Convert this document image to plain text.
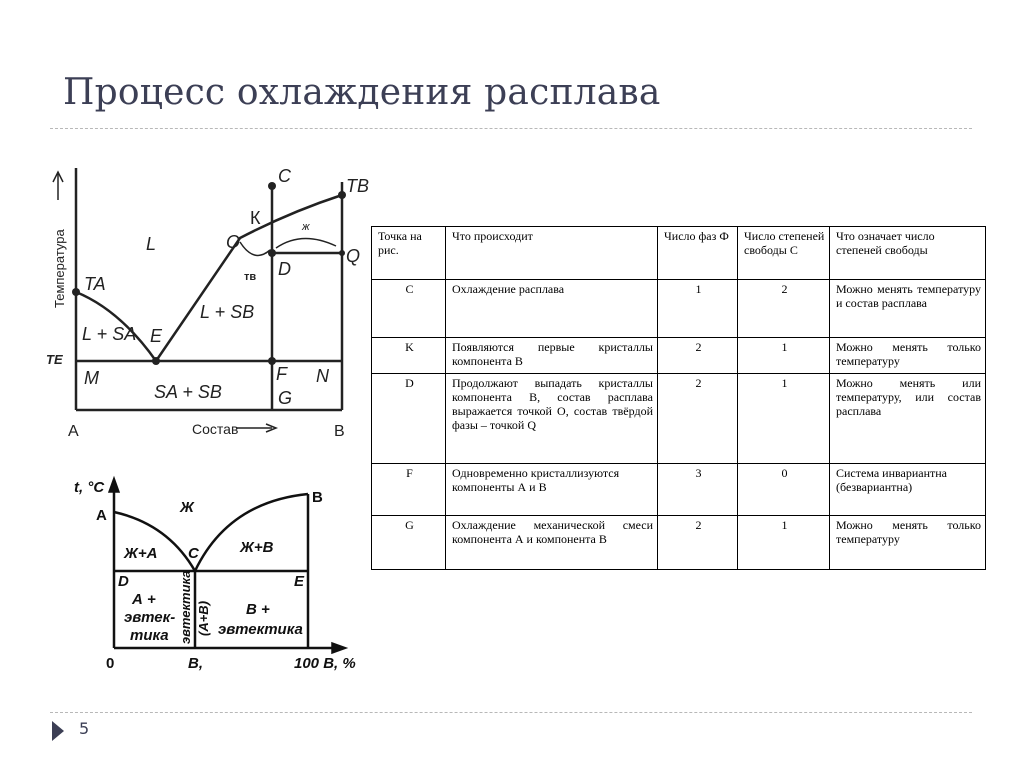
Процесс охлаждения расплава
TA
TB
C
К
O
D
Q
E
F
G
M	N
L
L + SA
L + SB
SA + SB
ж
тв
TE
Температура
A	B
Состав
t, °C
A
B
C
D	E
Ж
Ж+А	Ж+В
А +
эвтек-
тика
В +
эвтектика
0	B,	100 B, %
эвтектика (А+В)
Точка на рис.	Что происходит	Число фаз Ф	Число степеней свободы С	Что означает число степеней свободы
C	Охлаждение расплава	1	2	Можно менять температуру и состав расплава
K	Появляются первые кристаллы компонента В	2	1	Можно менять только температуру
D	Продолжают выпадать кристаллы компонента В, состав расплава выражается точкой О, состав твёрдой фазы – точкой Q	2	1	Можно менять или температуру, или состав расплава
F	Одновременно кристаллизуются компоненты А и В	3	0	Система инвариантна (безвариантна)
G	Охлаждение механической смеси компонента А и компонента В	2	1	Можно менять только температуру
5
